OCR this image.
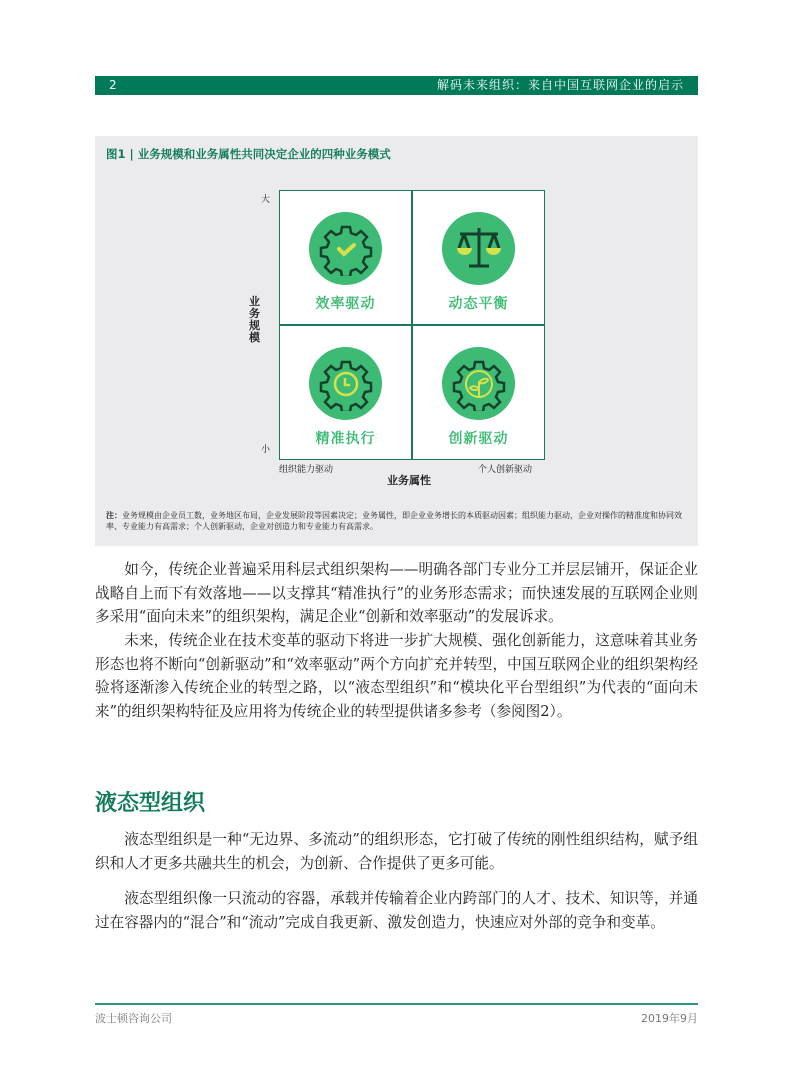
2	解码未来组织：来自中国互联网企业的启示
图1 | 业务规模和业务属性共同决定企业的四种业务模式
大
小
业务规模
组织能力驱动	个人创新驱动
业务属性
效率驱动	动态平衡
精准执行	创新驱动
注：业务规模由企业员工数，业务地区布局，企业发展阶段等因素决定；业务属性，即企业业务增长的本质驱动因素；组织能力驱动，企业对操作的精准度和协同效率、专业能力有高需求；个人创新驱动，企业对创造力和专业能力有高需求。

如今，传统企业普遍采用科层式组织架构——明确各部门专业分工并层层铺开，保证企业战略自上而下有效落地——以支撑其“精准执行”的业务形态需求；而快速发展的互联网企业则多采用“面向未来”的组织架构，满足企业“创新和效率驱动”的发展诉求。

未来，传统企业在技术变革的驱动下将进一步扩大规模、强化创新能力，这意味着其业务形态也将不断向“创新驱动”和“效率驱动”两个方向扩充并转型，中国互联网企业的组织架构经验将逐渐渗入传统企业的转型之路，以“液态型组织”和“模块化平台型组织”为代表的“面向未来”的组织架构特征及应用将为传统企业的转型提供诸多参考（参阅图2）。

液态型组织

液态型组织是一种“无边界、多流动”的组织形态，它打破了传统的刚性组织结构，赋予组织和人才更多共融共生的机会，为创新、合作提供了更多可能。

液态型组织像一只流动的容器，承载并传输着企业内跨部门的人才、技术、知识等，并通过在容器内的“混合”和“流动”完成自我更新、激发创造力，快速应对外部的竞争和变革。

波士顿咨询公司	2019年9月
